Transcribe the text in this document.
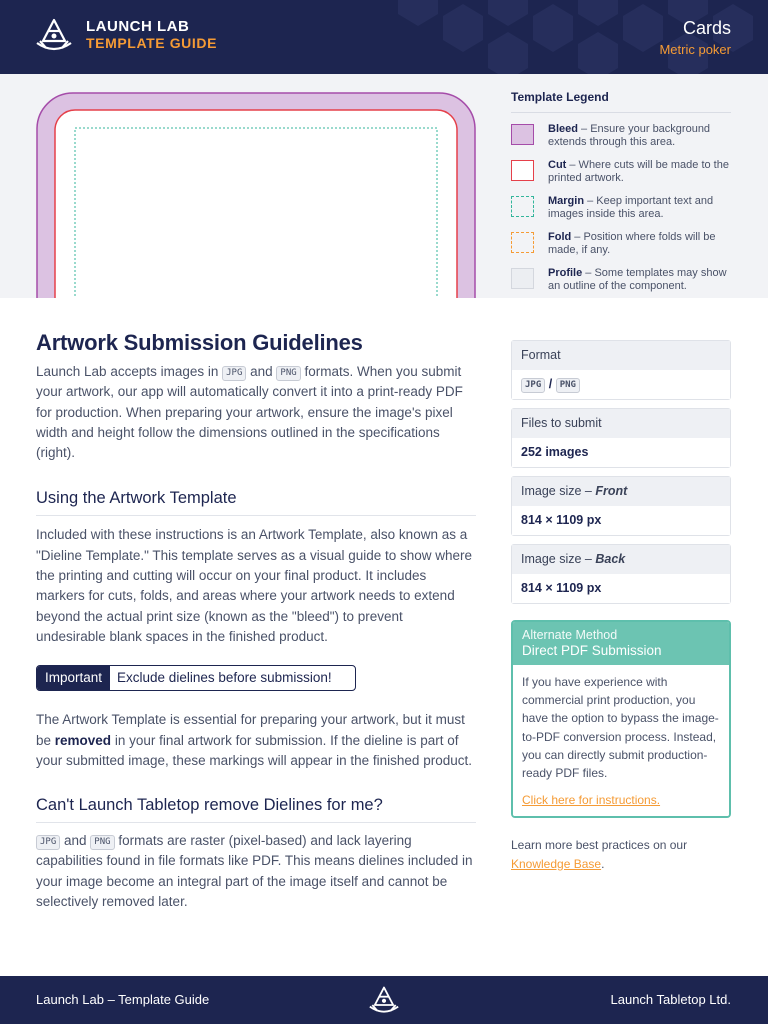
LAUNCH LAB
TEMPLATE GUIDE
Cards
Metric poker
Template Legend
Bleed – Ensure your background extends through this area.
Cut – Where cuts will be made to the printed artwork.
Margin – Keep important text and images inside this area.
Fold – Position where folds will be made, if any.
Profile – Some templates may show an outline of the component.
Artwork Submission Guidelines

Launch Lab accepts images in JPG and PNG formats. When you submit your artwork, our app will automatically convert it into a print-ready PDF for production. When preparing your artwork, ensure the image's pixel width and height follow the dimensions outlined in the specifications (right).

Using the Artwork Template

Included with these instructions is an Artwork Template, also known as a "Dieline Template." This template serves as a visual guide to show where the printing and cutting will occur on your final product. It includes markers for cuts, folds, and areas where your artwork needs to extend beyond the actual print size (known as the "bleed") to prevent undesirable blank spaces in the finished product.

Important	Exclude dielines before submission!

The Artwork Template is essential for preparing your artwork, but it must be removed in your final artwork for submission. If the dieline is part of your submitted image, these markings will appear in the finished product.

Can't Launch Tabletop remove Dielines for me?

JPG and PNG formats are raster (pixel-based) and lack layering capabilities found in file formats like PDF. This means dielines included in your image become an integral part of the image itself and cannot be selectively removed later.

Format
JPG / PNG
Files to submit
252 images
Image size – Front
814 × 1109 px
Image size – Back
814 × 1109 px
Alternate Method
Direct PDF Submission

If you have experience with commercial print production, you have the option to bypass the image-to-PDF conversion process. Instead, you can directly submit production-ready PDF files.

Click here for instructions.
Learn more best practices on our Knowledge Base.
Launch Lab – Template Guide	Launch Tabletop Ltd.
